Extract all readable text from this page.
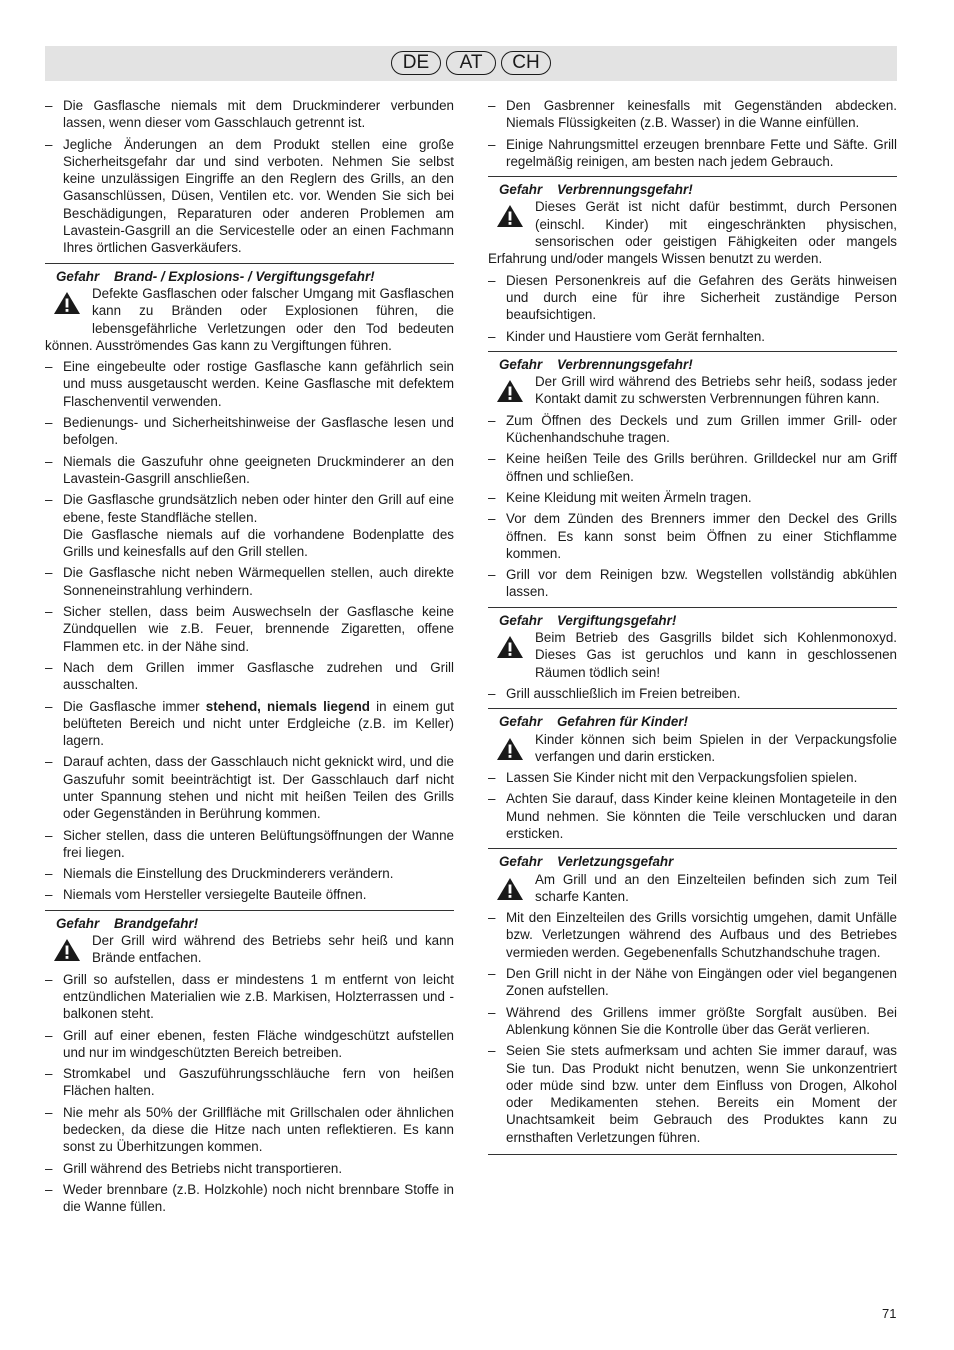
DE	AT	CH
– Die Gasflasche niemals mit dem Druckminderer verbunden lassen, wenn dieser vom Gasschlauch getrennt ist.
– Jegliche Änderungen an dem Produkt stellen eine große Sicherheitsgefahr dar und sind verboten. Nehmen Sie selbst keine unzulässigen Eingriffe an den Reglern des Grills, an den Gasanschlüssen, Düsen, Ventilen etc. vor. Wenden Sie sich bei Beschädigungen, Reparaturen oder anderen Problemen am Lavastein-Gasgrill an die Servicestelle oder an einen Fachmann Ihres örtlichen Gasverkäufers.
Gefahr	Brand- / Explosions- / Vergiftungsgefahr!
Defekte Gasflaschen oder falscher Umgang mit Gasflaschen kann zu Bränden oder Explosionen führen, die lebensgefährliche Verletzungen oder den Tod bedeuten können. Ausströmendes Gas kann zu Vergiftungen führen.
– Eine eingebeulte oder rostige Gasflasche kann gefährlich sein und muss ausgetauscht werden. Keine Gasflasche mit defektem Flaschenventil verwenden.
– Bedienungs- und Sicherheitshinweise der Gasflasche lesen und befolgen.
– Niemals die Gaszufuhr ohne geeigneten Druckminderer an den Lavastein-Gasgrill anschließen.
– Die Gasflasche grundsätzlich neben oder hinter den Grill auf eine ebene, feste Standfläche stellen.
Die Gasflasche niemals auf die vorhandene Bodenplatte des Grills und keinesfalls auf den Grill stellen.
– Die Gasflasche nicht neben Wärmequellen stellen, auch direkte Sonneneinstrahlung verhindern.
– Sicher stellen, dass beim Auswechseln der Gasflasche keine Zündquellen wie z.B. Feuer, brennende Zigaretten, offene Flammen etc. in der Nähe sind.
– Nach dem Grillen immer Gasflasche zudrehen und Grill ausschalten.
– Die Gasflasche immer stehend, niemals liegend in einem gut belüfteten Bereich und nicht unter Erdgleiche (z.B. im Keller) lagern.
– Darauf achten, dass der Gasschlauch nicht geknickt wird, und die Gaszufuhr somit beeinträchtigt ist. Der Gasschlauch darf nicht unter Spannung stehen und nicht mit heißen Teilen des Grills oder Gegenständen in Berührung kommen.
– Sicher stellen, dass die unteren Belüftungsöffnungen der Wanne frei liegen.
– Niemals die Einstellung des Druckminderers verändern.
– Niemals vom Hersteller versiegelte Bauteile öffnen.
Gefahr	Brandgefahr!
Der Grill wird während des Betriebs sehr heiß und kann Brände entfachen.
– Grill so aufstellen, dass er mindestens 1 m entfernt von leicht entzündlichen Materialien wie z.B. Markisen, Holzterrassen und -balkonen steht.
– Grill auf einer ebenen, festen Fläche windgeschützt aufstellen und nur im windgeschützten Bereich betreiben.
– Stromkabel und Gaszuführungsschläuche fern von heißen Flächen halten.
– Nie mehr als 50% der Grillfläche mit Grillschalen oder ähnlichen bedecken, da diese die Hitze nach unten reflektieren. Es kann sonst zu Überhitzungen kommen.
– Grill während des Betriebs nicht transportieren.
– Weder brennbare (z.B. Holzkohle) noch nicht brennbare Stoffe in die Wanne füllen.
– Den Gasbrenner keinesfalls mit Gegenständen abdecken. Niemals Flüssigkeiten (z.B. Wasser) in die Wanne einfüllen.
– Einige Nahrungsmittel erzeugen brennbare Fette und Säfte. Grill regelmäßig reinigen, am besten nach jedem Gebrauch.
Gefahr	Verbrennungsgefahr!
Dieses Gerät ist nicht dafür bestimmt, durch Personen (einschl. Kinder) mit eingeschränkten physischen, sensorischen oder geistigen Fähigkeiten oder mangels Erfahrung und/oder mangels Wissen benutzt zu werden.
– Diesen Personenkreis auf die Gefahren des Geräts hinweisen und durch eine für ihre Sicherheit zuständige Person beaufsichtigen.
– Kinder und Haustiere vom Gerät fernhalten.
Gefahr	Verbrennungsgefahr!
Der Grill wird während des Betriebs sehr heiß, sodass jeder Kontakt damit zu schwersten Verbrennungen führen kann.
– Zum Öffnen des Deckels und zum Grillen immer Grill- oder Küchenhandschuhe tragen.
– Keine heißen Teile des Grills berühren. Grilldeckel nur am Griff öffnen und schließen.
– Keine Kleidung mit weiten Ärmeln tragen.
– Vor dem Zünden des Brenners immer den Deckel des Grills öffnen. Es kann sonst beim Öffnen zu einer Stichflamme kommen.
– Grill vor dem Reinigen bzw. Wegstellen vollständig abkühlen lassen.
Gefahr	Vergiftungsgefahr!
Beim Betrieb des Gasgrills bildet sich Kohlenmonoxyd. Dieses Gas ist geruchlos und kann in geschlossenen Räumen tödlich sein!
– Grill ausschließlich im Freien betreiben.
Gefahr	Gefahren für Kinder!
Kinder können sich beim Spielen in der Verpackungsfolie verfangen und darin ersticken.
– Lassen Sie Kinder nicht mit den Verpackungsfolien spielen.
– Achten Sie darauf, dass Kinder keine kleinen Montageteile in den Mund nehmen. Sie könnten die Teile verschlucken und daran ersticken.
Gefahr	Verletzungsgefahr
Am Grill und an den Einzelteilen befinden sich zum Teil scharfe Kanten.
– Mit den Einzelteilen des Grills vorsichtig umgehen, damit Unfälle bzw. Verletzungen während des Aufbaus und des Betriebes vermieden werden. Gegebenenfalls Schutzhandschuhe tragen.
– Den Grill nicht in der Nähe von Eingängen oder viel begangenen Zonen aufstellen.
– Während des Grillens immer größte Sorgfalt ausüben. Bei Ablenkung können Sie die Kontrolle über das Gerät verlieren.
– Seien Sie stets aufmerksam und achten Sie immer darauf, was Sie tun. Das Produkt nicht benutzen, wenn Sie unkonzentriert oder müde sind bzw. unter dem Einfluss von Drogen, Alkohol oder Medikamenten stehen. Bereits ein Moment der Unachtsamkeit beim Gebrauch des Produktes kann zu ernsthaften Verletzungen führen.
71
